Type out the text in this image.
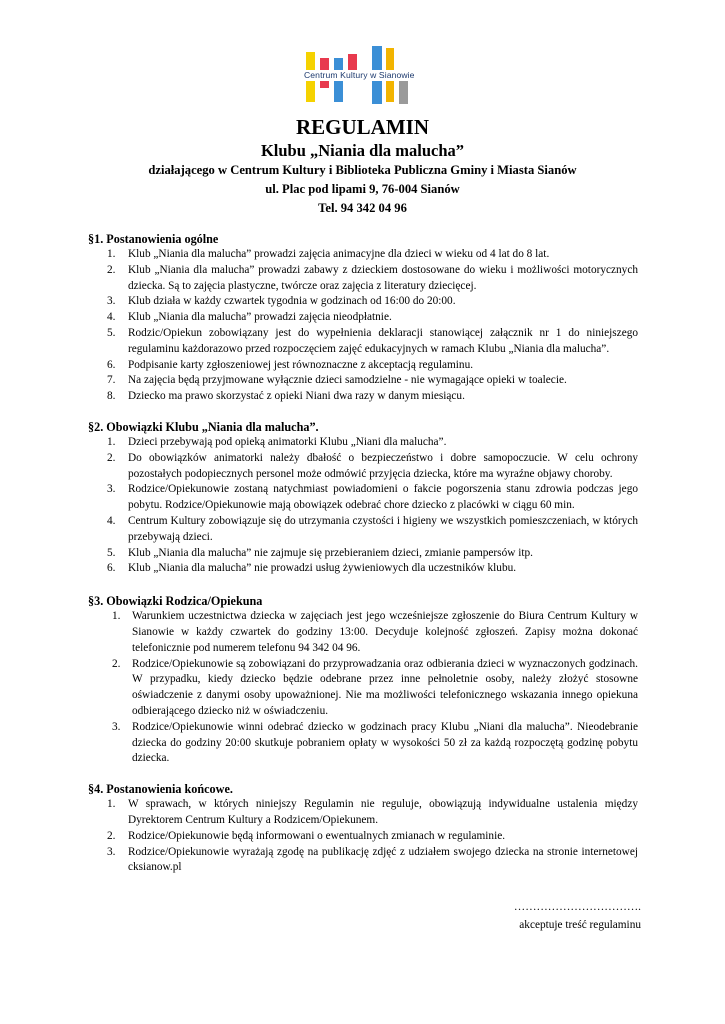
Centrum Kultury w Sianowie
REGULAMIN
Klubu „Niania dla malucha”
działającego w Centrum Kultury i Biblioteka Publiczna Gminy i Miasta Sianów
ul. Plac pod lipami 9, 76-004 Sianów
Tel. 94 342 04 96
§1. Postanowienia ogólne
1. Klub „Niania dla malucha” prowadzi zajęcia animacyjne dla dzieci w wieku od 4 lat do 8 lat.
2. Klub „Niania dla malucha” prowadzi zabawy z dzieckiem dostosowane do wieku i możliwości motorycznych dziecka. Są to zajęcia plastyczne, twórcze oraz zajęcia z literatury dziecięcej.
3. Klub działa w każdy czwartek tygodnia w godzinach od 16:00 do 20:00.
4. Klub „Niania dla malucha” prowadzi zajęcia nieodpłatnie.
5. Rodzic/Opiekun zobowiązany jest do wypełnienia deklaracji stanowiącej załącznik nr 1 do niniejszego regulaminu każdorazowo przed rozpoczęciem zajęć edukacyjnych w ramach Klubu „Niania dla malucha”.
6. Podpisanie karty zgłoszeniowej jest równoznaczne z akceptacją regulaminu.
7. Na zajęcia będą przyjmowane wyłącznie dzieci samodzielne - nie wymagające opieki w toalecie.
8. Dziecko ma prawo skorzystać z opieki Niani dwa razy w danym miesiącu.
§2. Obowiązki Klubu „Niania dla malucha”.
1. Dzieci przebywają pod opieką animatorki Klubu „Niani dla malucha”.
2. Do obowiązków animatorki należy dbałość o bezpieczeństwo i dobre samopoczucie. W celu ochrony pozostałych podopiecznych personel może odmówić przyjęcia dziecka, które ma wyraźne objawy choroby.
3. Rodzice/Opiekunowie zostaną natychmiast powiadomieni o fakcie pogorszenia stanu zdrowia podczas jego pobytu. Rodzice/Opiekunowie mają obowiązek odebrać chore dziecko z placówki w ciągu 60 min.
4. Centrum Kultury zobowiązuje się do utrzymania czystości i higieny we wszystkich pomieszczeniach, w których przebywają dzieci.
5. Klub „Niania dla malucha” nie zajmuje się przebieraniem dzieci, zmianie pampersów itp.
6. Klub „Niania dla malucha” nie prowadzi usług żywieniowych dla uczestników klubu.
§3. Obowiązki Rodzica/Opiekuna
1. Warunkiem uczestnictwa dziecka w zajęciach jest jego wcześniejsze zgłoszenie do Biura Centrum Kultury w Sianowie w każdy czwartek do godziny 13:00. Decyduje kolejność zgłoszeń. Zapisy można dokonać telefonicznie pod numerem telefonu 94 342 04 96.
2. Rodzice/Opiekunowie są zobowiązani do przyprowadzania oraz odbierania dzieci w wyznaczonych godzinach. W przypadku, kiedy dziecko będzie odebrane przez inne pełnoletnie osoby, należy złożyć stosowne oświadczenie z danymi osoby upoważnionej. Nie ma możliwości telefonicznego wskazania innego opiekuna odbierającego dziecko niż w oświadczeniu.
3. Rodzice/Opiekunowie winni odebrać dziecko w godzinach pracy Klubu „Niani dla malucha”. Nieodebranie dziecka do godziny 20:00 skutkuje pobraniem opłaty w wysokości 50 zł za każdą rozpoczętą godzinę pobytu dziecka.
§4. Postanowienia końcowe.
1. W sprawach, w których niniejszy Regulamin nie reguluje, obowiązują indywidualne ustalenia między Dyrektorem Centrum Kultury a Rodzicem/Opiekunem.
2. Rodzice/Opiekunowie będą informowani o ewentualnych zmianach w regulaminie.
3. Rodzice/Opiekunowie wyrażają zgodę na publikację zdjęć z udziałem swojego dziecka na stronie internetowej cksianow.pl
…………………………….
akceptuje treść regulaminu
